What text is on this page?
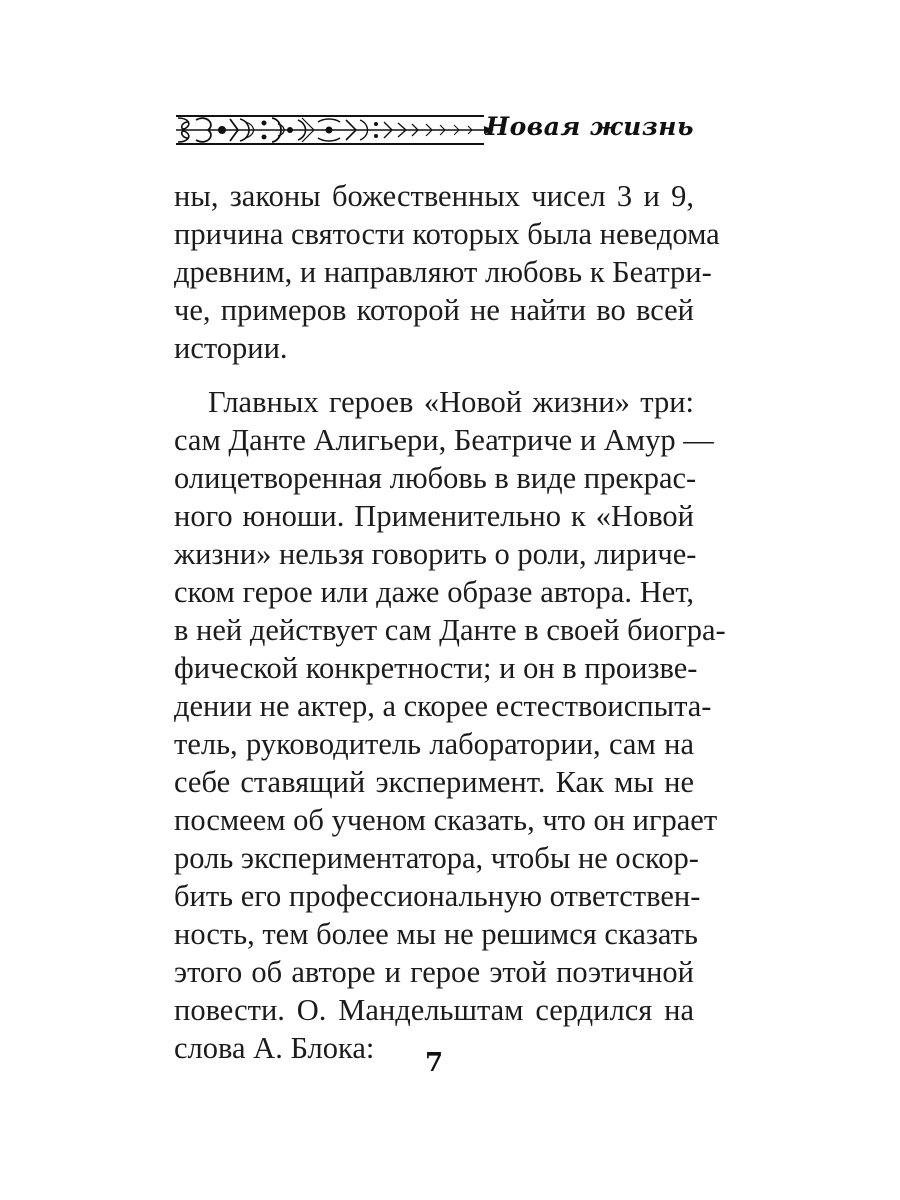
Новая жизнь
ны, законы божественных чисел 3 и 9,
причина святости которых была неведома
древним, и направляют любовь к Беатри-
че, примеров которой не найти во всей
истории.
Главных героев «Новой жизни» три:
сам Данте Алигьери, Беатриче и Амур —
олицетворенная любовь в виде прекрас-
ного юноши. Применительно к «Новой
жизни» нельзя говорить о роли, лириче-
ском герое или даже образе автора. Нет,
в ней действует сам Данте в своей биогра-
фической конкретности; и он в произве-
дении не актер, а скорее естествоиспыта-
тель, руководитель лаборатории, сам на
себе ставящий эксперимент. Как мы не
посмеем об ученом сказать, что он играет
роль экспериментатора, чтобы не оскор-
бить его профессиональную ответствен-
ность, тем более мы не решимся сказать
этого об авторе и герое этой поэтичной
повести. О. Мандельштам сердился на
слова А. Блока:	7
